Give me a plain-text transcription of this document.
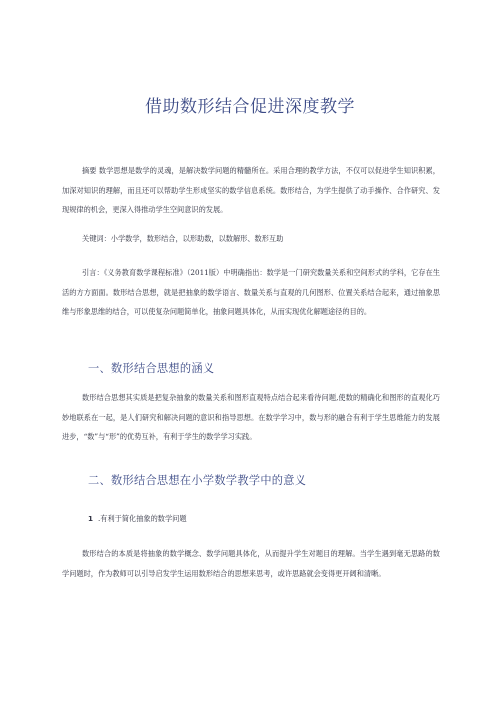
借助数形结合促进深度教学

摘要 数学思想是数学的灵魂，是解决数学问题的精髓所在。采用合理的教学方法，不仅可以促进学生知识积累，加深对知识的理解，而且还可以帮助学生形成坚实的数学信息系统。数形结合，为学生提供了动手操作、合作研究、发现规律的机会，更深入得推动学生空间意识的发展。

关键词：小学数学，数形结合，以形助数，以数解形、数形互助

引言：《义务教育数学课程标准》（2011版）中明确指出：数学是一门研究数量关系和空间形式的学科，它存在生活的方方面面。数形结合思想，就是把抽象的数学语言、数量关系与直观的几何图形、位置关系结合起来，通过抽象思维与形象思维的结合，可以使复杂问题简单化，抽象问题具体化，从而实现优化解题途径的目的。

一、数形结合思想的涵义

数形结合思想其实质是把复杂抽象的数量关系和图形直观特点结合起来看待问题,使数的精确化和图形的直观化巧妙地联系在一起，是人们研究和解决问题的意识和指导思想。在数学学习中，数与形的融合有利于学生思维能力的发展进步，“数”与“形”的优势互补，有利于学生的数学学习实践。

二、数形结合思想在小学数学教学中的意义
1 .有利于简化抽象的数学问题

数形结合的本质是将抽象的数学概念、数学问题具体化，从而提升学生对题目的理解。当学生遇到毫无思路的数学问题时，作为教师可以引导启发学生运用数形结合的思想来思考，或许思路就会变得更开阔和清晰。
